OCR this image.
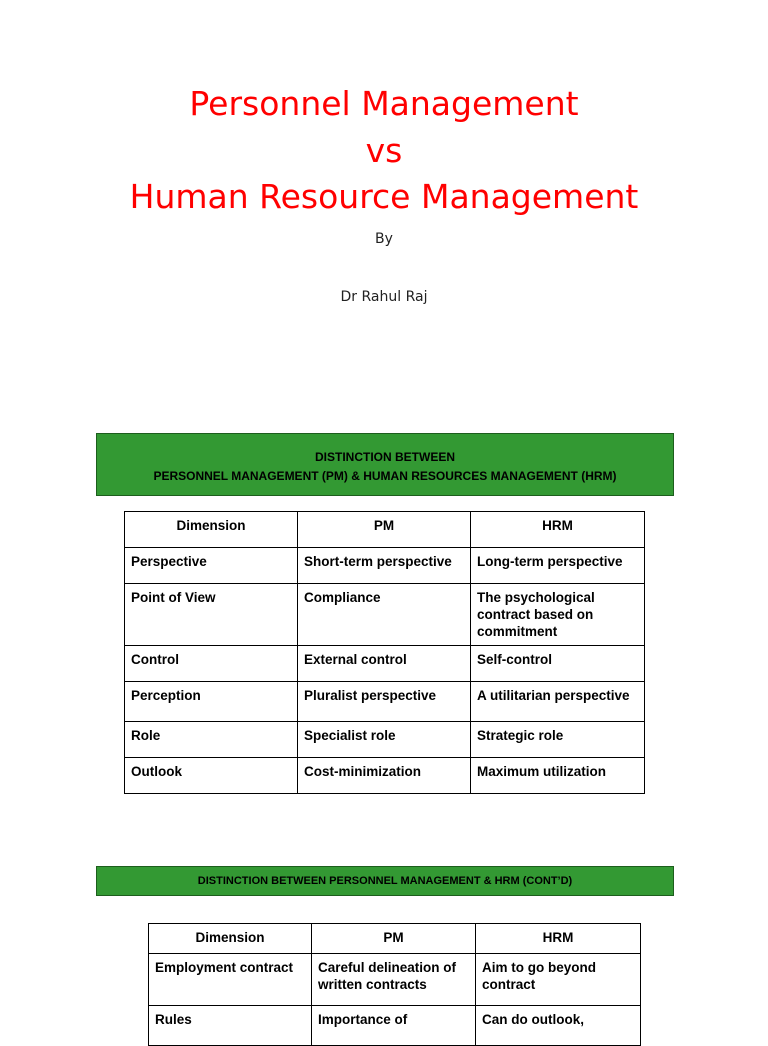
Personnel Management
vs
Human Resource Management
By
Dr Rahul Raj
DISTINCTION BETWEEN
PERSONNEL MANAGEMENT (PM) & HUMAN RESOURCES MANAGEMENT (HRM)
Dimension	PM	HRM
Perspective	Short-term perspective	Long-term perspective
Point of View	Compliance	The psychological contract based on commitment
Control	External control	Self-control
Perception	Pluralist perspective	A utilitarian perspective
Role	Specialist role	Strategic role
Outlook	Cost-minimization	Maximum utilization
DISTINCTION BETWEEN PERSONNEL MANAGEMENT & HRM (CONT’D)
Dimension	PM	HRM
Employment contract	Careful delineation of written contracts	Aim to go beyond contract
Rules	Importance of	Can do outlook,
